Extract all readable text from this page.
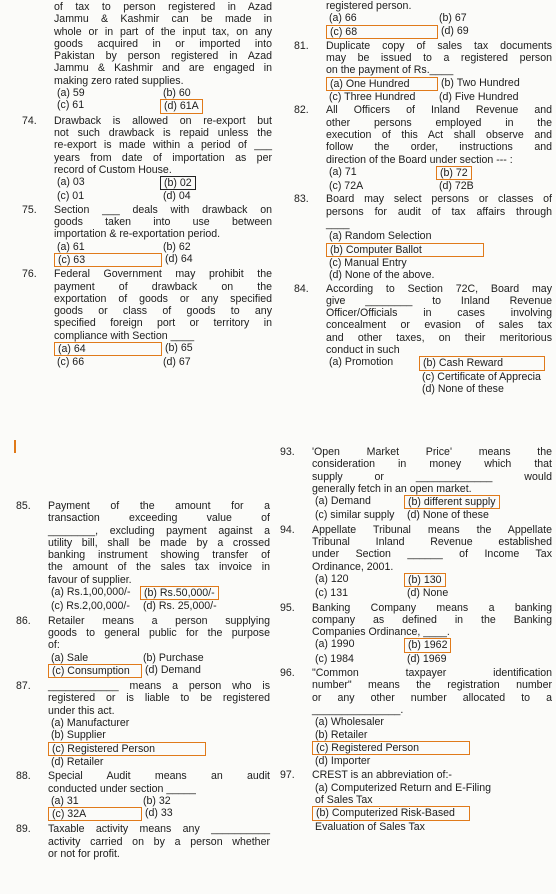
of tax to person registered in Azad
Jammu & Kashmir can be made in
whole or in part of the input tax, on any
goods acquired in or imported into
Pakistan by person registered in Azad
Jammu & Kashmir and are engaged in
making zero rated supplies.
(a) 59	(b) 60
(c) 61	(d) 61A
74. Drawback is allowed on re-export but
not such drawback is repaid unless the
re-export is made within a period of ___
years from date of importation as per
record of Custom House.
(a) 03	(b) 02
(c) 01	(d) 04
75. Section ___ deals with drawback on
goods taken into use between
importation & re-exportation period.
(a) 61	(b) 62
(c) 63	(d) 64
76. Federal Government may prohibit the
payment of drawback on the
exportation of goods or any specified
goods or class of goods to any
specified foreign port or territory in
compliance with Section ____
(a) 64	(b) 65
(c) 66	(d) 67
registered person.
(a) 66	(b) 67
(c) 68	(d) 69
81. Duplicate copy of sales tax documents
may be issued to a registered person
on the payment of Rs.____
(a) One Hundred	(b) Two Hundred
(c) Three Hundred	(d) Five Hundred
82. All Officers of Inland Revenue and
other persons employed in the
execution of this Act shall observe and
follow the order, instructions and
direction of the Board under section --- :
(a) 71	(b) 72
(c) 72A	(d) 72B
83. Board may select persons or classes of
persons for audit of tax affairs through
____
(a) Random Selection
(b) Computer Ballot
(c) Manual Entry
(d) None of the above.
84. According to Section 72C, Board may
give ________ to Inland Revenue
Officer/Officials in cases involving
concealment or evasion of sales tax
and other taxes, on their meritorious
conduct in such
(a) Promotion	(b) Cash Reward
(c) Certificate of Apprecia
(d) None of these
85. Payment of the amount for a
transaction exceeding value of
________, excluding payment against a
utility bill, shall be made by a crossed
banking instrument showing transfer of
the amount of the sales tax invoice in
favour of supplier.
(a) Rs.1,00,000/-	(b) Rs.50,000/-
(c) Rs.2,00,000/-	(d) Rs. 25,000/-
86. Retailer means a person supplying
goods to general public for the purpose
of:
(a) Sale	(b) Purchase
(c) Consumption	(d) Demand
87. ____________ means a person who is
registered or is liable to be registered
under this act.
(a) Manufacturer
(b) Supplier
(c) Registered Person
(d) Retailer
88. Special Audit means an audit
conducted under section _____
(a) 31	(b) 32
(c) 32A	(d) 33
89. Taxable activity means any __________
activity carried on by a person whether
or not for profit.
93. 'Open Market Price' means the
consideration in money which that
supply or _____________ would
generally fetch in an open market.
(a) Demand	(b) different supply
(c) similar supply	(d) None of these
94. Appellate Tribunal means the Appellate
Tribunal Inland Revenue established
under Section ______ of Income Tax
Ordinance, 2001.
(a) 120	(b) 130
(c) 131	(d) None
95. Banking Company means a banking
company as defined in the Banking
Companies Ordinance, ____.
(a) 1990	(b) 1962
(c) 1984	(d) 1969
96. "Common taxpayer identification
number" means the registration number
or any other number allocated to a
_______________.
(a) Wholesaler
(b) Retailer
(c) Registered Person
(d) Importer
97. CREST is an abbreviation of:-
(a) Computerized Return and E-Filing
of Sales Tax
(b) Computerized Risk-Based
Evaluation of Sales Tax
